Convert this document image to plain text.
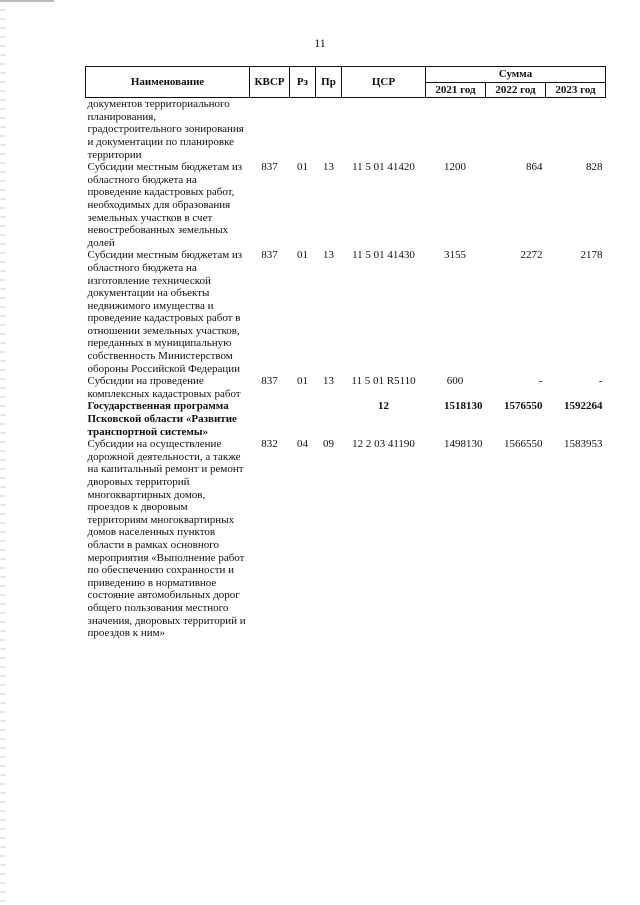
11
Наименование	КВСР	Рз	Пр	ЦСР	Сумма		
					2021 год	2022 год	2023 год
документов территориального планирования, градостроительного зонирования и документации по планировке территории							
Субсидии местным бюджетам из областного бюджета на проведение кадастровых работ, необходимых для образования земельных участков в счет невостребованных земельных долей	837	01	13	11 5 01 41420	1200	864	828
Субсидии местным бюджетам из областного бюджета на изготовление технической документации на объекты недвижимого имущества и проведение кадастровых работ в отношении земельных участков, переданных в муниципальную собственность Министерством обороны Российской Федерации	837	01	13	11 5 01 41430	3155	2272	2178
Субсидии на проведение комплексных кадастровых работ	837	01	13	11 5 01 R5110	600	-	-
Государственная программа Псковской области «Развитие транспортной системы»				12	1518130	1576550	1592264
Субсидии на осуществление дорожной деятельности, а также на капитальный ремонт и ремонт дворовых территорий многоквартирных домов, проездов к дворовым территориям многоквартирных домов населенных пунктов области в рамках основного мероприятия «Выполнение работ по обеспечению сохранности и приведению в нормативное состояние автомобильных дорог общего пользования местного значения, дворовых территорий и проездов к ним»	832	04	09	12 2 03 41190	1498130	1566550	1583953
